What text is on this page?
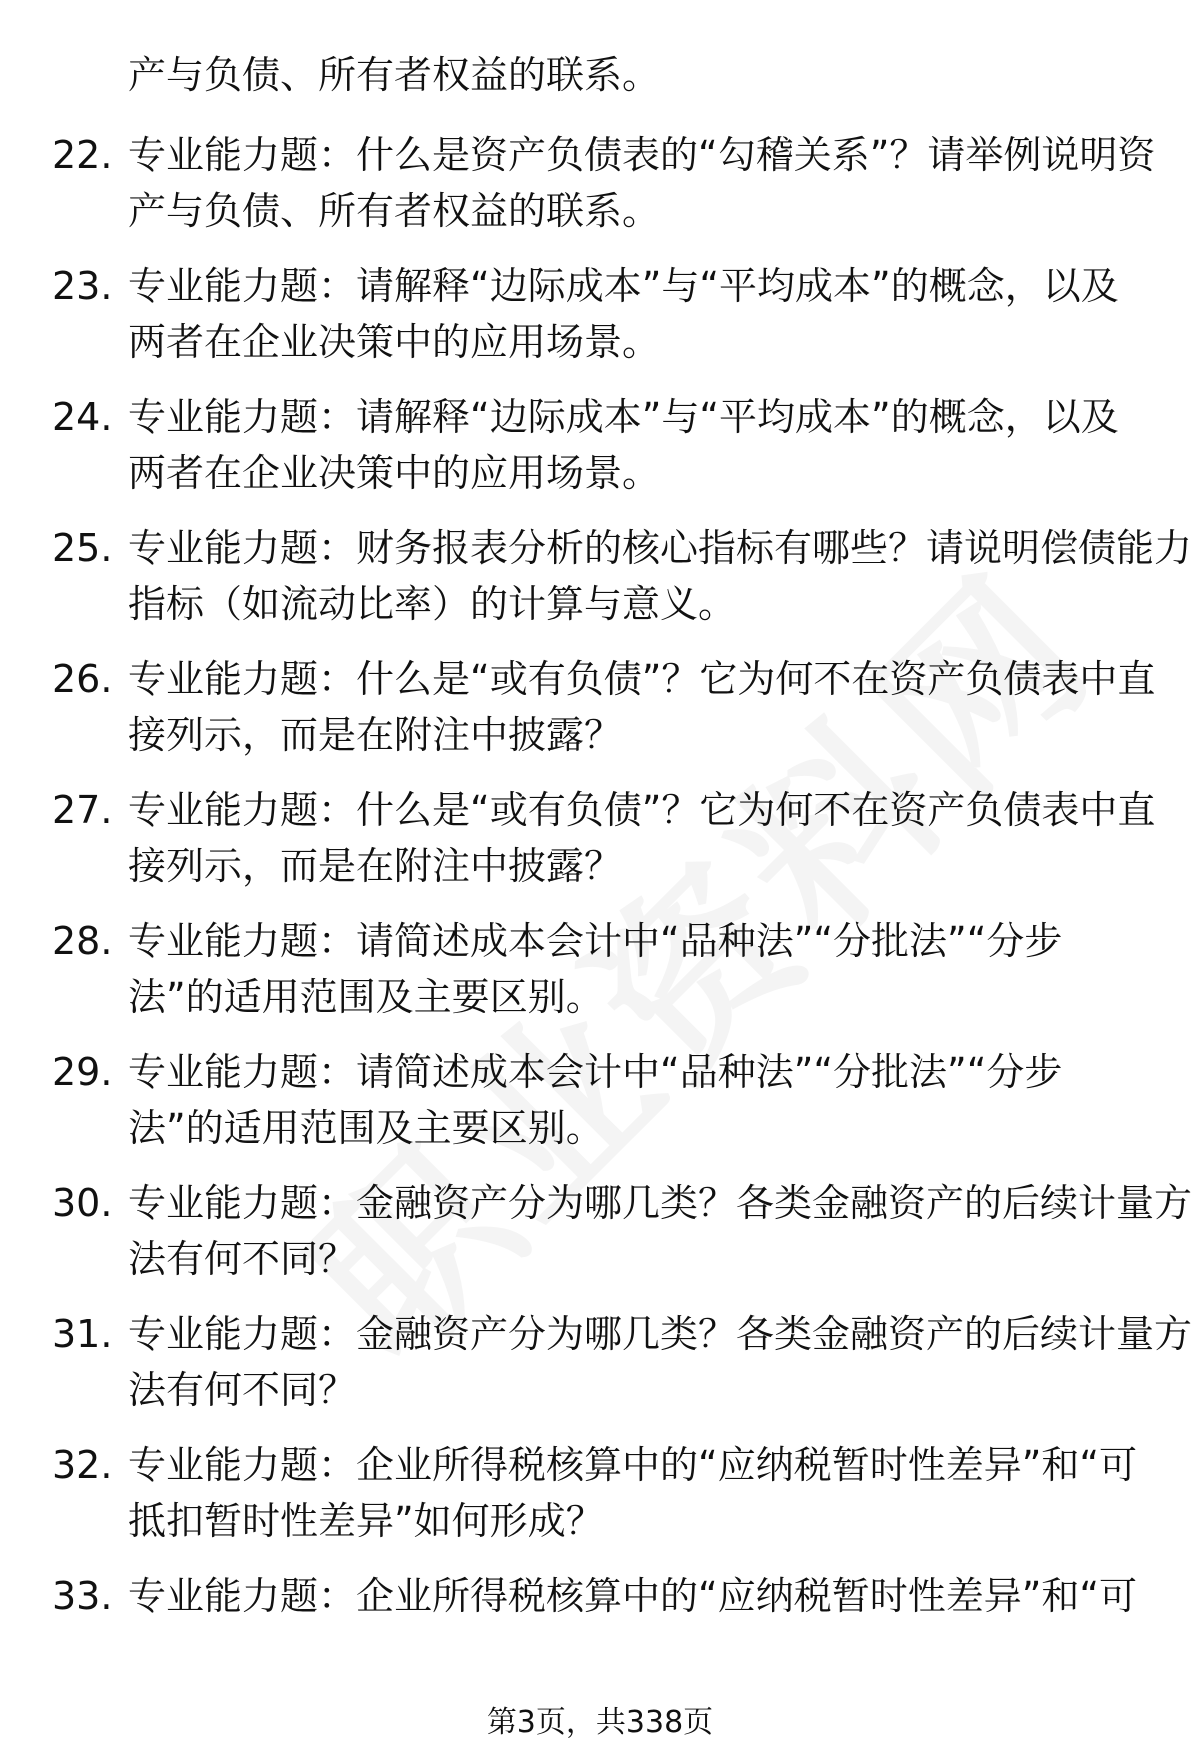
产与负债、所有者权益的联系。
22. 专业能力题：什么是资产负债表的“勾稽关系”？请举例说明资
产与负债、所有者权益的联系。
23. 专业能力题：请解释“边际成本”与“平均成本”的概念，以及
两者在企业决策中的应用场景。
24. 专业能力题：请解释“边际成本”与“平均成本”的概念，以及
两者在企业决策中的应用场景。
25. 专业能力题：财务报表分析的核心指标有哪些？请说明偿债能力
指标（如流动比率）的计算与意义。
26. 专业能力题：什么是“或有负债”？它为何不在资产负债表中直
接列示，而是在附注中披露？
27. 专业能力题：什么是“或有负债”？它为何不在资产负债表中直
接列示，而是在附注中披露？
28. 专业能力题：请简述成本会计中“品种法”“分批法”“分步
法”的适用范围及主要区别。
29. 专业能力题：请简述成本会计中“品种法”“分批法”“分步
法”的适用范围及主要区别。
30. 专业能力题：金融资产分为哪几类？各类金融资产的后续计量方
法有何不同？
31. 专业能力题：金融资产分为哪几类？各类金融资产的后续计量方
法有何不同？
32. 专业能力题：企业所得税核算中的“应纳税暂时性差异”和“可
抵扣暂时性差异”如何形成？
33. 专业能力题：企业所得税核算中的“应纳税暂时性差异”和“可
第3页，共338页
